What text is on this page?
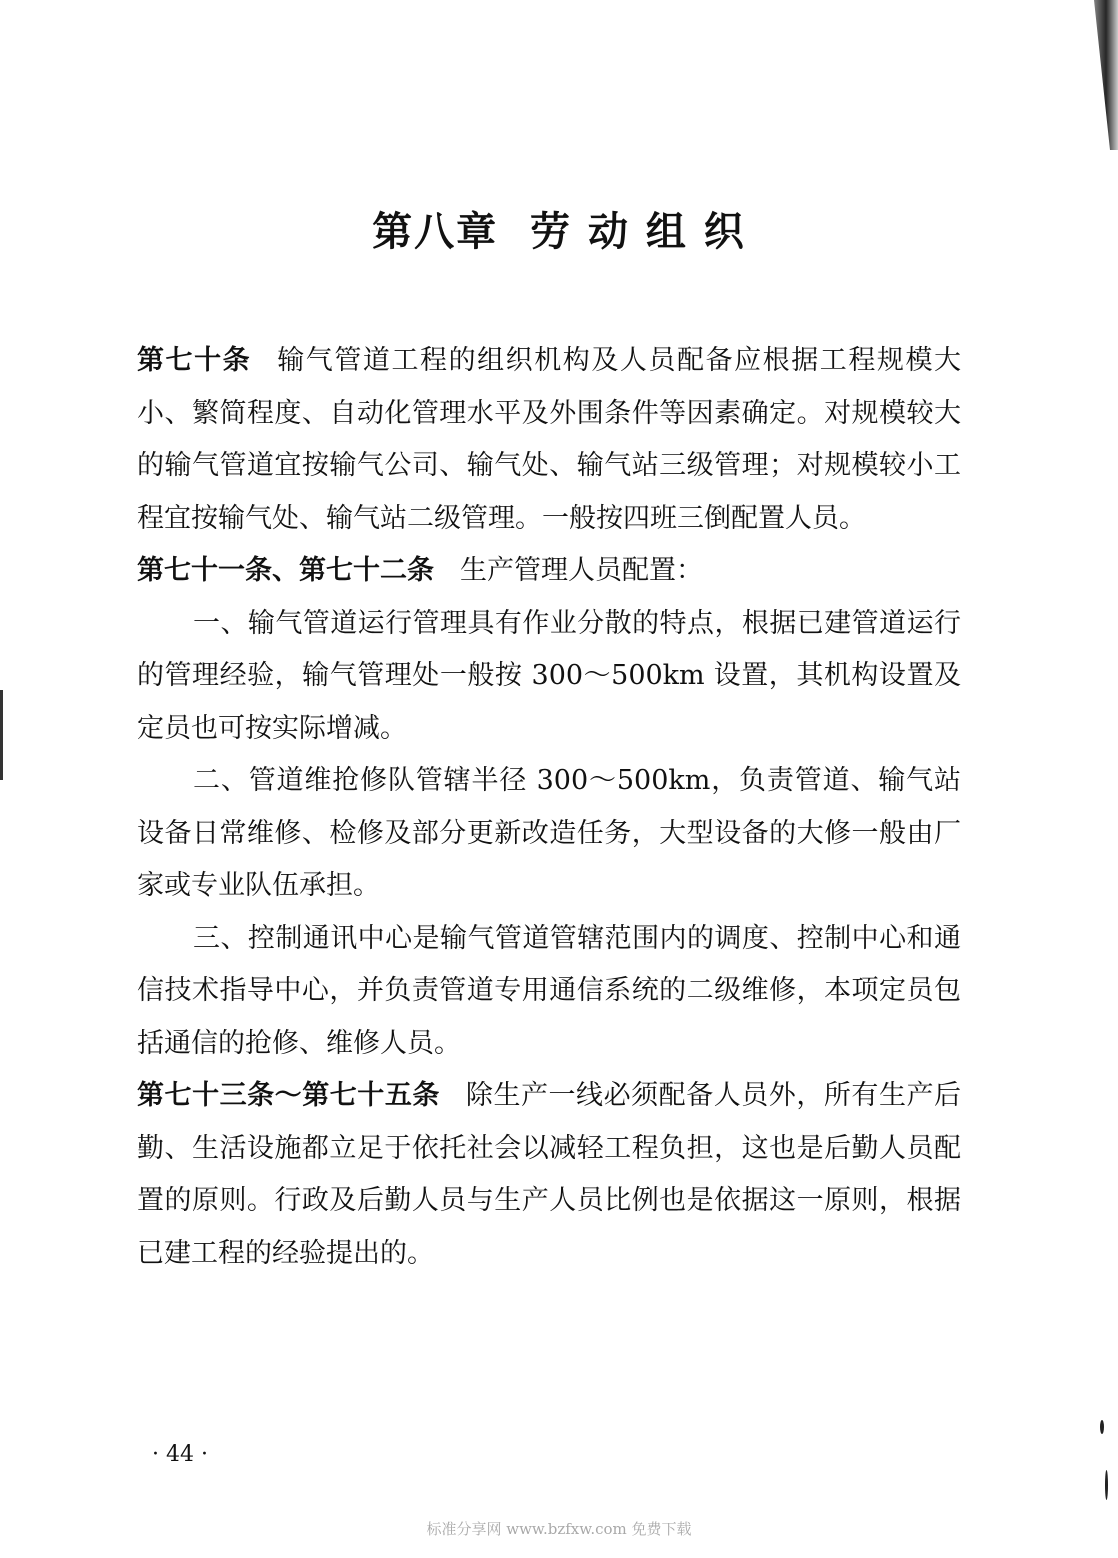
第八章  劳 动 组 织

第七十条 输气管道工程的组织机构及人员配备应根据工程规模大小、繁简程度、自动化管理水平及外围条件等因素确定。对规模较大的输气管道宜按输气公司、输气处、输气站三级管理；对规模较小工程宜按输气处、输气站二级管理。一般按四班三倒配置人员。

第七十一条、第七十二条 生产管理人员配置：

一、输气管道运行管理具有作业分散的特点，根据已建管道运行的管理经验，输气管理处一般按 300～500km 设置，其机构设置及定员也可按实际增减。

二、管道维抢修队管辖半径 300～500km，负责管道、输气站设备日常维修、检修及部分更新改造任务，大型设备的大修一般由厂家或专业队伍承担。

三、控制通讯中心是输气管道管辖范围内的调度、控制中心和通信技术指导中心，并负责管道专用通信系统的二级维修，本项定员包括通信的抢修、维修人员。

第七十三条～第七十五条 除生产一线必须配备人员外，所有生产后勤、生活设施都立足于依托社会以减轻工程负担，这也是后勤人员配置的原则。行政及后勤人员与生产人员比例也是依据这一原则，根据已建工程的经验提出的。

· 44 ·
标准分享网 www.bzfxw.com 免费下载
